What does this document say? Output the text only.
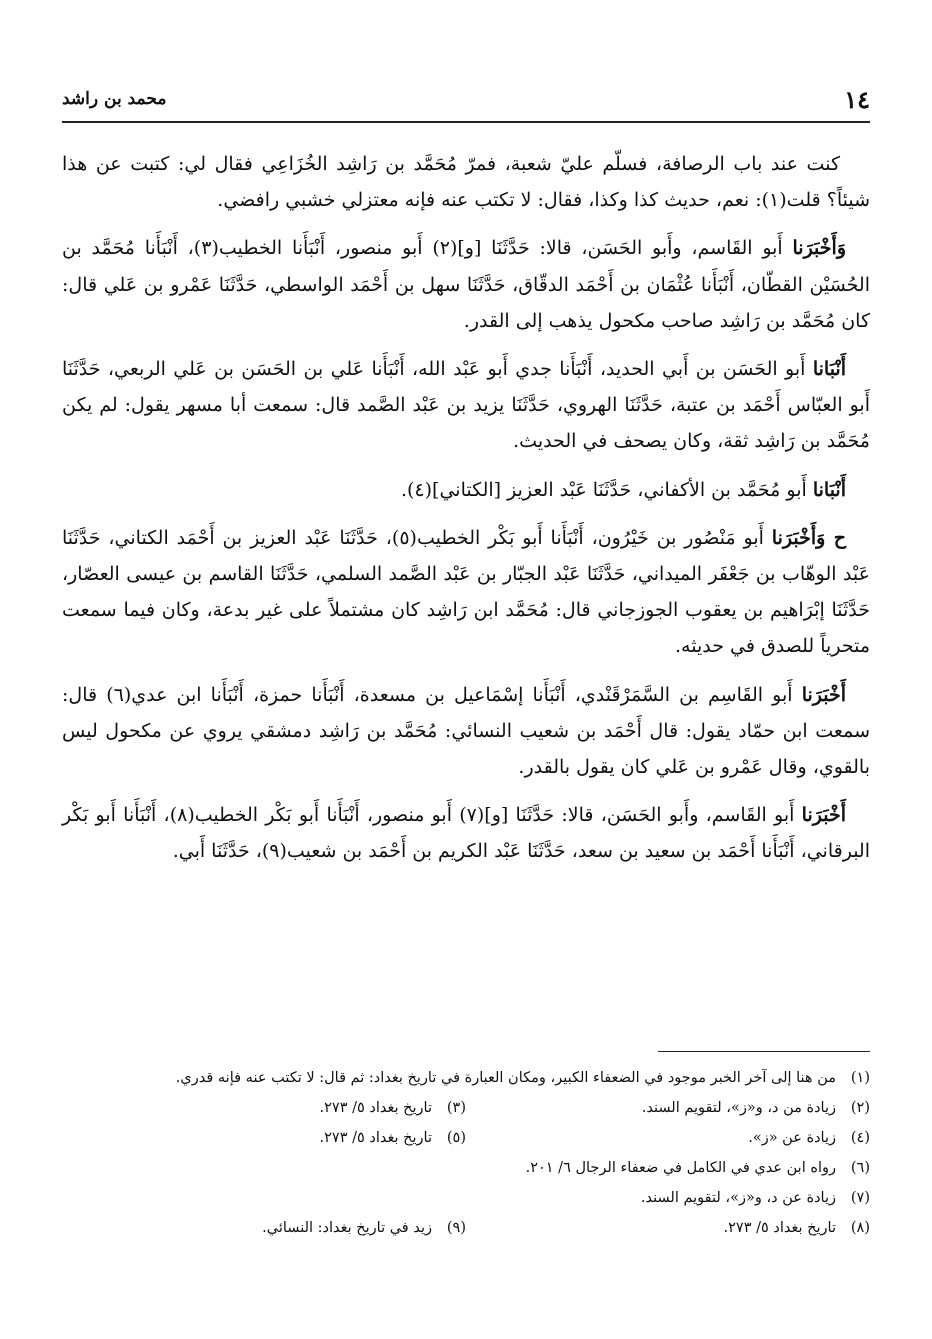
١٤
محمد بن راشد

كنت عند باب الرصافة، فسلّم عليّ شعبة، فمرّ مُحَمَّد بن رَاشِد الخُزَاعِي فقال لي: كتبت عن هذا شيئاً؟ قلت(١): نعم، حديث كذا وكذا، فقال: لا تكتب عنه فإنه معتزلي خشبي رافضي.

وَأَخْبَرَنا أَبو القَاسم، وأَبو الحَسَن، قالا: حَدَّثَنَا [و](٢) أَبو منصور، أَنْبَأَنا الخطيب(٣)، أَنْبَأَنا مُحَمَّد بن الحُسَيْن القطّان، أَنْبَأَنا عُثْمَان بن أَحْمَد الدقّاق، حَدَّثَنَا سهل بن أَحْمَد الواسطي، حَدَّثَنَا عَمْرو بن عَلي قال: كان مُحَمَّد بن رَاشِد صاحب مكحول يذهب إلى القدر.

أَنْبَانا أَبو الحَسَن بن أَبي الحديد، أَنْبَأَنا جدي أَبو عَبْد الله، أَنْبَأَنا عَلي بن الحَسَن بن عَلي الربعي، حَدَّثَنَا أَبو العبّاس أَحْمَد بن عتبة، حَدَّثَنَا الهروي، حَدَّثَنَا يزيد بن عَبْد الصَّمد قال: سمعت أبا مسهر يقول: لم يكن مُحَمَّد بن رَاشِد ثقة، وكان يصحف في الحديث.

أَنْبَانا أَبو مُحَمَّد بن الأكفاني، حَدَّثَنَا عَبْد العزيز [الكتاني](٤).

ح وَأَخْبَرَنا أَبو مَنْصُور بن خَيْرُون، أَنْبَأَنا أَبو بَكْر الخطيب(٥)، حَدَّثَنَا عَبْد العزيز بن أَحْمَد الكتاني، حَدَّثَنَا عَبْد الوهّاب بن جَعْفَر الميداني، حَدَّثَنَا عَبْد الجبّار بن عَبْد الصَّمد السلمي، حَدَّثَنَا القاسم بن عيسى العصّار، حَدَّثَنَا إبْرَاهيم بن يعقوب الجوزجاني قال: مُحَمَّد ابن رَاشِد كان مشتملاً على غير بدعة، وكان فيما سمعت متحرياً للصدق في حديثه.

أَخْبَرَنا أَبو القَاسِم بن السَّمَرْقَنْدي، أَنْبَأَنا إسْمَاعيل بن مسعدة، أَنْبَأَنا حمزة، أَنْبَأَنا ابن عدي(٦) قال: سمعت ابن حمّاد يقول: قال أَحْمَد بن شعيب النسائي: مُحَمَّد بن رَاشِد دمشقي يروي عن مكحول ليس بالقوي، وقال عَمْرو بن عَلي كان يقول بالقدر.

أَخْبَرَنا أَبو القَاسم، وأَبو الحَسَن، قالا: حَدَّثَنَا [و](٧) أَبو منصور، أَنْبَأَنا أَبو بَكْر الخطيب(٨)، أَنْبَأَنا أَبو بَكْر البرقاني، أَنْبَأَنا أَحْمَد بن سعيد بن سعد، حَدَّثَنَا عَبْد الكريم بن أَحْمَد بن شعيب(٩)، حَدَّثَنَا أَبي.

(١)
من هنا إلى آخر الخبر موجود في الضعفاء الكبير، ومكان العبارة في تاريخ بغداد: ثم قال: لا تكتب عنه فإنه قدري.
(٢)
زيادة من د، و«ز»، لتقويم السند.
(٣)
تاريخ بغداد ٥/ ٢٧٣.
(٤)
زيادة عن «ز».
(٥)
تاريخ بغداد ٥/ ٢٧٣.
(٦)
رواه ابن عدي في الكامل في ضعفاء الرجال ٦/ ٢٠١.
(٧)
زيادة عن د، و«ز»، لتقويم السند.
(٨)
تاريخ بغداد ٥/ ٢٧٣.
(٩)
زيد في تاريخ بغداد: النسائي.
